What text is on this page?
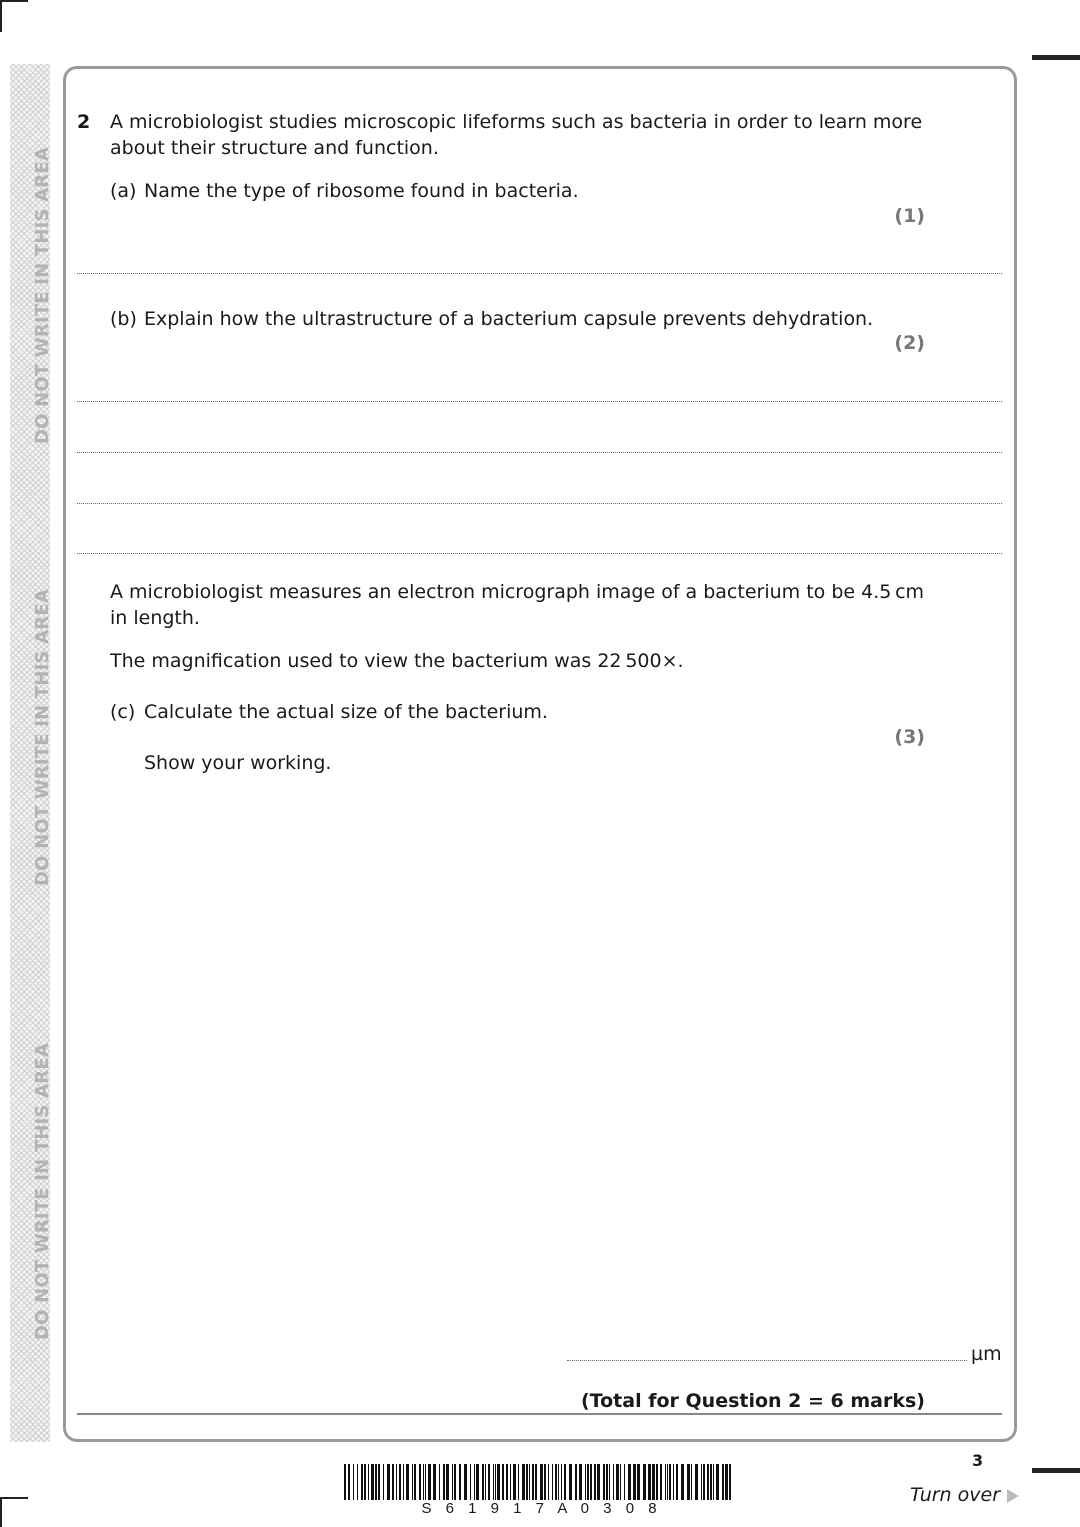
DO NOT WRITE IN THIS AREA
DO NOT WRITE IN THIS AREA
DO NOT WRITE IN THIS AREA
2 A microbiologist studies microscopic lifeforms such as bacteria in order to learn more
about their structure and function.
(a) Name the type of ribosome found in bacteria.
(1)
(b) Explain how the ultrastructure of a bacterium capsule prevents dehydration.
(2)
A microbiologist measures an electron micrograph image of a bacterium to be 4.5 cm
in length.
The magnification used to view the bacterium was 22 500×.
(c) Calculate the actual size of the bacterium.
(3)
Show your working.
µm
(Total for Question 2 = 6 marks)
S 6 1 9 1 7 A 0 3 0 8
3
Turn over
